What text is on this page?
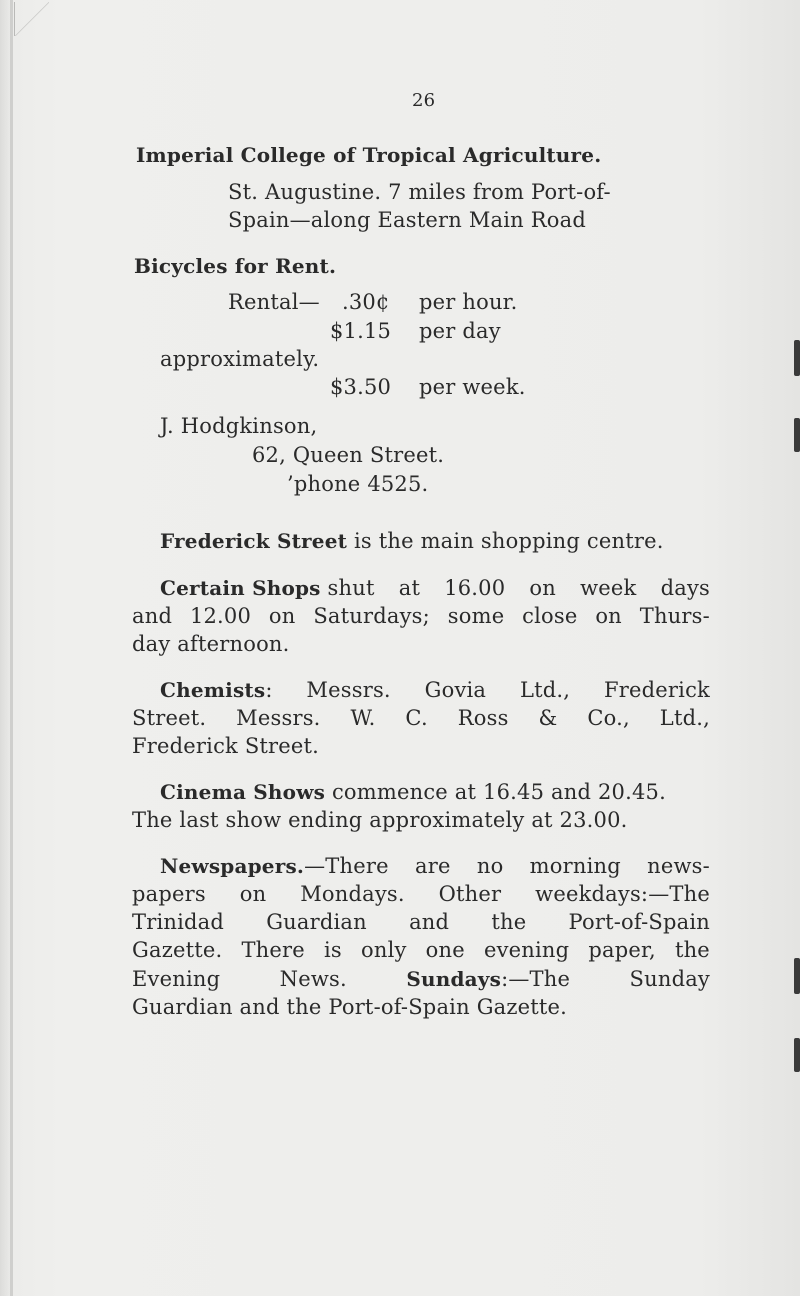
26
Imperial College of Tropical Agriculture.
St. Augustine. 7 miles from Port-of-
Spain—along Eastern Main Road
Bicycles for Rent.
Rental— .30¢ per hour.
$1.15 per day
approximately.
$3.50 per week.
J. Hodgkinson,
62, Queen Street.
’phone 4525.
Frederick Street is the main shopping centre.
Certain Shops shut at 16.00 on week days
and 12.00 on Saturdays; some close on Thurs-
day afternoon.
Chemists: Messrs. Govia Ltd., Frederick
Street. Messrs. W. C. Ross & Co., Ltd.,
Frederick Street.
Cinema Shows commence at 16.45 and 20.45.
The last show ending approximately at 23.00.
Newspapers.—There are no morning news-
papers on Mondays. Other weekdays:—The
Trinidad Guardian and the Port-of-Spain
Gazette. There is only one evening paper, the
Evening	News.	Sundays:—The	Sunday
Guardian and the Port-of-Spain Gazette.
